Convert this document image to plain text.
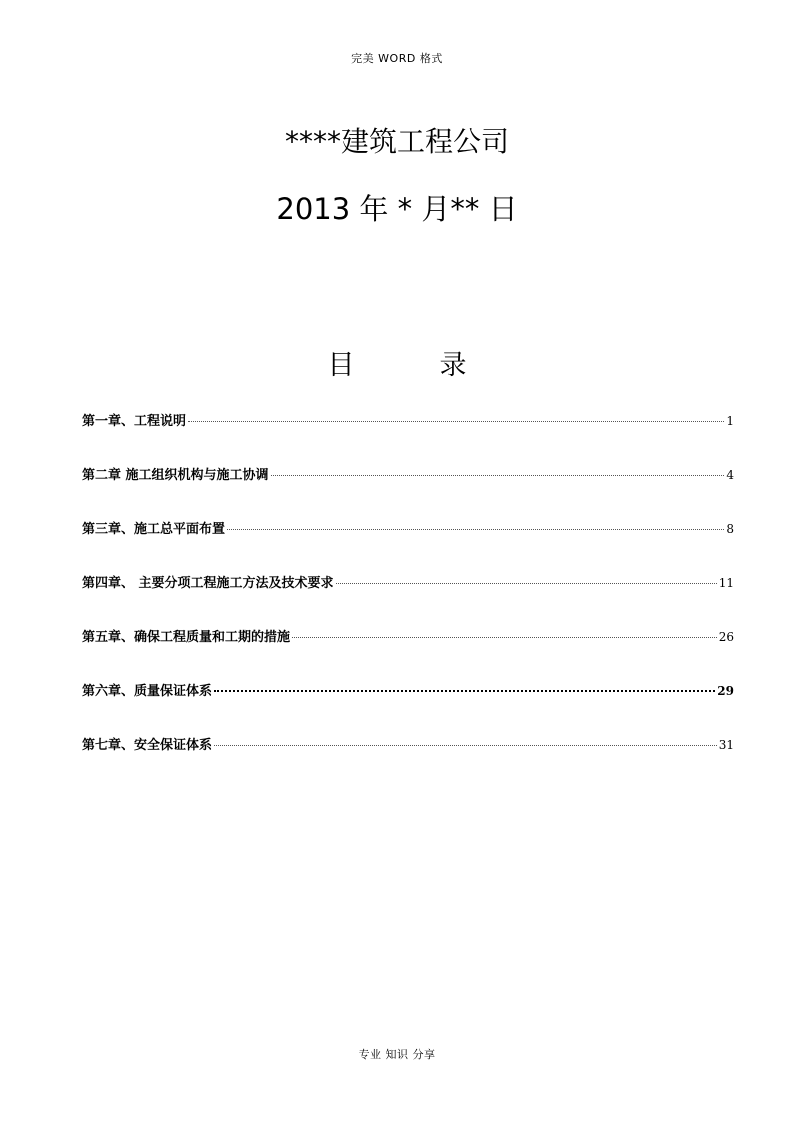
完美 WORD 格式
****建筑工程公司
2013 年 * 月** 日
目	录
第一章、工程说明	1
第二章 施工组织机构与施工协调	4
第三章、施工总平面布置	8
第四章、 主要分项工程施工方法及技术要求	11
第五章、确保工程质量和工期的措施	26
第六章、质量保证体系	29
第七章、安全保证体系	31
专业 知识 分享
